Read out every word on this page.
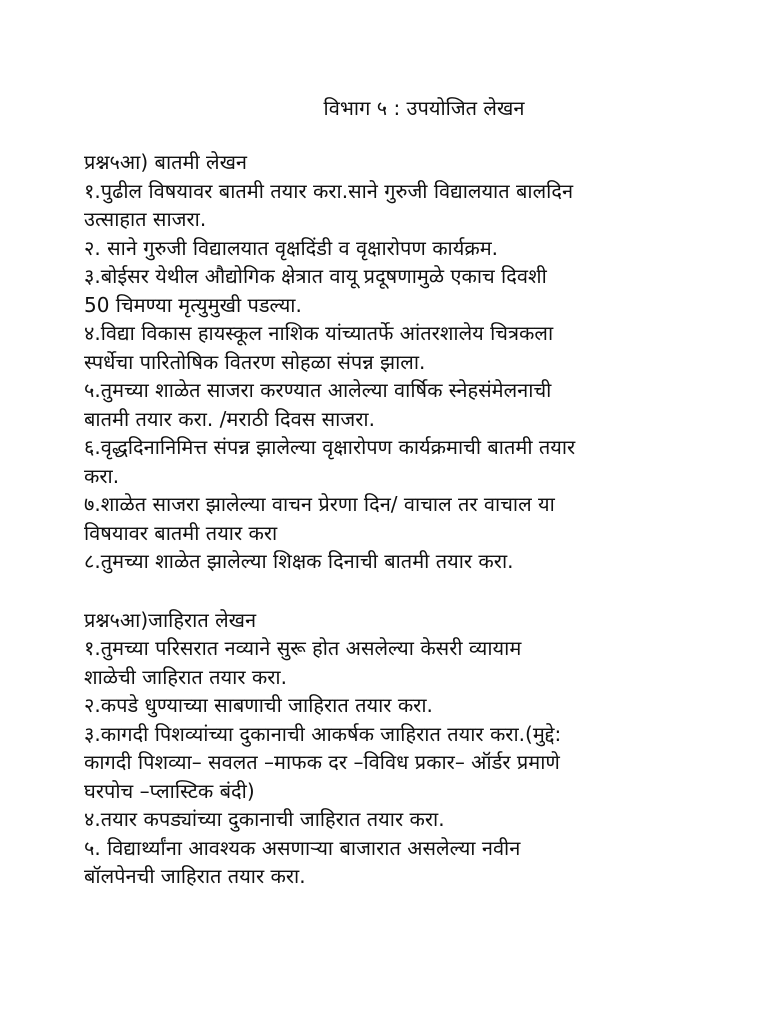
विभाग ५ : उपयोजित लेखन
प्रश्न५आ) बातमी लेखन
१.पुढील विषयावर बातमी तयार करा.साने गुरुजी विद्यालयात बालदिन
उत्साहात साजरा.
२. साने गुरुजी विद्यालयात वृक्षदिंडी व वृक्षारोपण कार्यक्रम.
३.बोईसर येथील औद्योगिक क्षेत्रात वायू प्रदूषणामुळे एकाच दिवशी
50 चिमण्या मृत्युमुखी पडल्या.
४.विद्या विकास हायस्कूल नाशिक यांच्यातर्फे आंतरशालेय चित्रकला
स्पर्धेचा पारितोषिक वितरण सोहळा संपन्न झाला.
५.तुमच्या शाळेत साजरा करण्यात आलेल्या वार्षिक स्नेहसंमेलनाची
बातमी तयार करा. /मराठी दिवस साजरा.
६.वृद्धदिनानिमित्त संपन्न झालेल्या वृक्षारोपण कार्यक्रमाची बातमी तयार
करा.
७.शाळेत साजरा झालेल्या वाचन प्रेरणा दिन/ वाचाल तर वाचाल या
विषयावर बातमी तयार करा
८.तुमच्या शाळेत झालेल्या शिक्षक दिनाची बातमी तयार करा.
प्रश्न५आ)जाहिरात लेखन
१.तुमच्या परिसरात नव्याने सुरू होत असलेल्या केसरी व्यायाम
शाळेची जाहिरात तयार करा.
२.कपडे धुण्याच्या साबणाची जाहिरात तयार करा.
३.कागदी पिशव्यांच्या दुकानाची आकर्षक जाहिरात तयार करा.(मुद्दे:
कागदी पिशव्या– सवलत –माफक दर –विविध प्रकार– ऑर्डर प्रमाणे
घरपोच –प्लास्टिक बंदी)
४.तयार कपड्यांच्या दुकानाची जाहिरात तयार करा.
५. विद्यार्थ्यांना आवश्यक असणाऱ्या बाजारात असलेल्या नवीन
बॉलपेनची जाहिरात तयार करा.
